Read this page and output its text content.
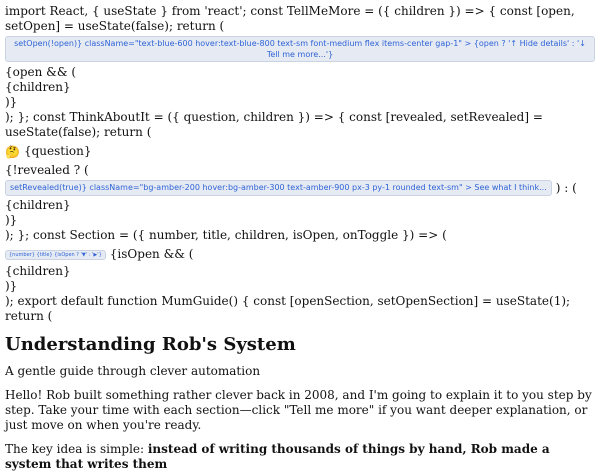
import React, { useState } from 'react'; const TellMeMore = ({ children }) => { const [open, setOpen] = useState(false); return (

setOpen(!open)} className="text-blue-600 hover:text-blue-800 text-sm font-medium flex items-center gap-1" > {open ? '↑ Hide details' : '↓ Tell me more...'}

{open && (

{children}

)}

); }; const ThinkAboutIt = ({ question, children }) => { const [revealed, setRevealed] = useState(false); return (

🤔 {question}

{!revealed ? (

setRevealed(true)} className="bg-amber-200 hover:bg-amber-300 text-amber-900 px-3 py-1 rounded text-sm" > See what I think... ) : (

{children}

)}

); }; const Section = ({ number, title, children, isOpen, onToggle }) => (

{number} {title} {isOpen ? '▼' : '▶'} {isOpen && (

{children}

)}

); export default function MumGuide() { const [openSection, setOpenSection] = useState(1); return (

Understanding Rob's System

A gentle guide through clever automation

Hello! Rob built something rather clever back in 2008, and I'm going to explain it to you step by step. Take your time with each section—click "Tell me more" if you want deeper explanation, or just move on when you're ready.

The key idea is simple: instead of writing thousands of things by hand, Rob made a system that writes them
